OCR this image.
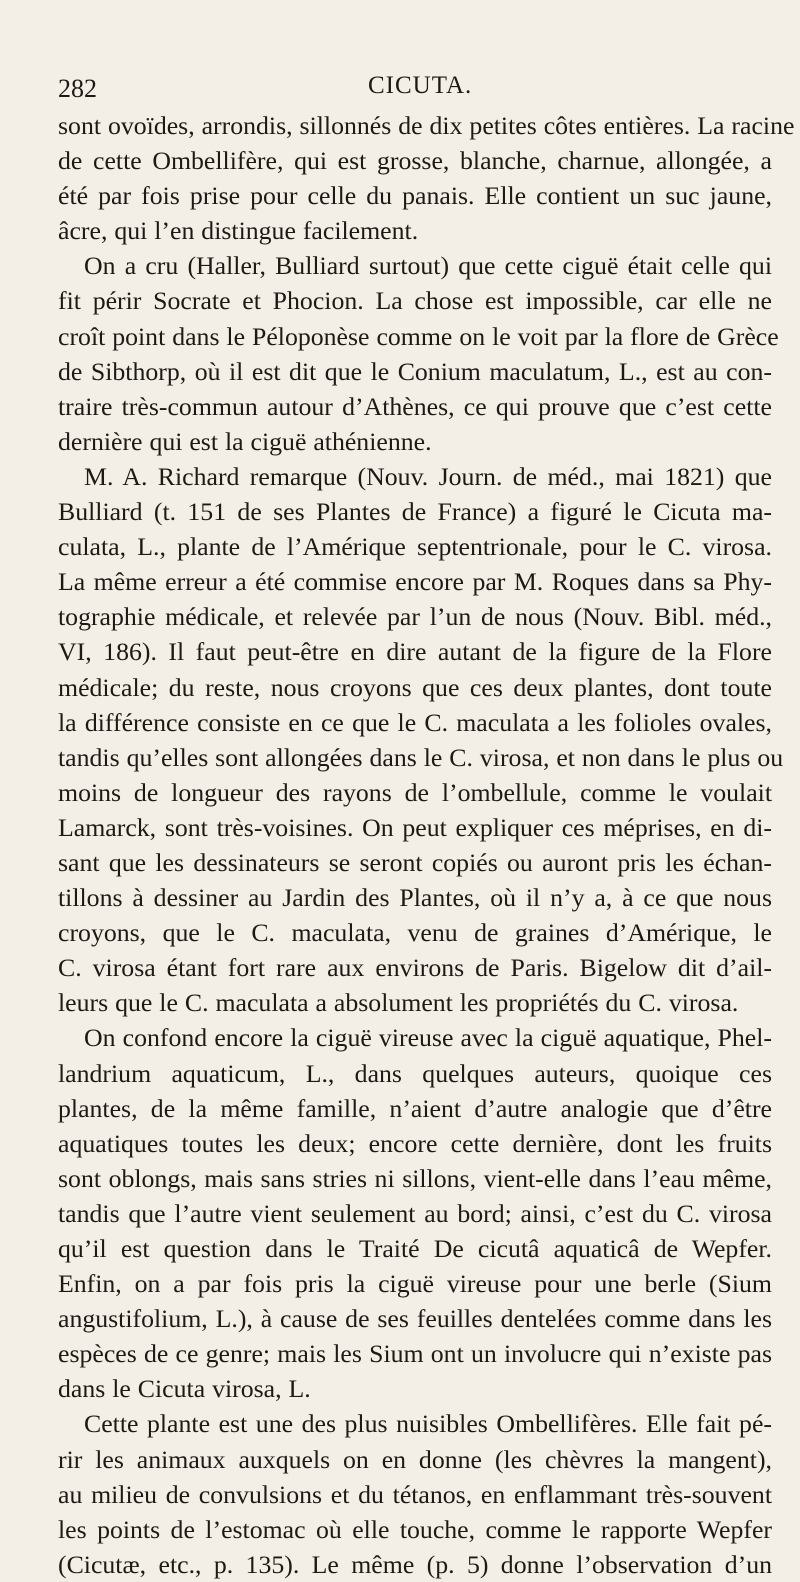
282	CICUTA.

sont ovoïdes, arrondis, sillonnés de dix petites côtes entières. La racine
de cette Ombellifère, qui est grosse, blanche, charnue, allongée, a
été par fois prise pour celle du panais. Elle contient un suc jaune,
âcre, qui l’en distingue facilement.

On a cru (Haller, Bulliard surtout) que cette ciguë était celle qui
fit périr Socrate et Phocion. La chose est impossible, car elle ne
croît point dans le Péloponèse comme on le voit par la flore de Grèce
de Sibthorp, où il est dit que le Conium maculatum, L., est au con-
traire très-commun autour d’Athènes, ce qui prouve que c’est cette
dernière qui est la ciguë athénienne.

M. A. Richard remarque (Nouv. Journ. de méd., mai 1821) que
Bulliard (t. 151 de ses Plantes de France) a figuré le Cicuta ma-
culata, L., plante de l’Amérique septentrionale, pour le C. virosa.
La même erreur a été commise encore par M. Roques dans sa Phy-
tographie médicale, et relevée par l’un de nous (Nouv. Bibl. méd.,
VI, 186). Il faut peut-être en dire autant de la figure de la Flore
médicale; du reste, nous croyons que ces deux plantes, dont toute
la différence consiste en ce que le C. maculata a les folioles ovales,
tandis qu’elles sont allongées dans le C. virosa, et non dans le plus ou
moins de longueur des rayons de l’ombellule, comme le voulait
Lamarck, sont très-voisines. On peut expliquer ces méprises, en di-
sant que les dessinateurs se seront copiés ou auront pris les échan-
tillons à dessiner au Jardin des Plantes, où il n’y a, à ce que nous
croyons, que le C. maculata, venu de graines d’Amérique, le
C. virosa étant fort rare aux environs de Paris. Bigelow dit d’ail-
leurs que le C. maculata a absolument les propriétés du C. virosa.

On confond encore la ciguë vireuse avec la ciguë aquatique, Phel-
landrium aquaticum, L., dans quelques auteurs, quoique ces
plantes, de la même famille, n’aient d’autre analogie que d’être
aquatiques toutes les deux; encore cette dernière, dont les fruits
sont oblongs, mais sans stries ni sillons, vient-elle dans l’eau même,
tandis que l’autre vient seulement au bord; ainsi, c’est du C. virosa
qu’il est question dans le Traité De cicutâ aquaticâ de Wepfer.
Enfin, on a par fois pris la ciguë vireuse pour une berle (Sium
angustifolium, L.), à cause de ses feuilles dentelées comme dans les
espèces de ce genre; mais les Sium ont un involucre qui n’existe pas
dans le Cicuta virosa, L.

Cette plante est une des plus nuisibles Ombellifères. Elle fait pé-
rir les animaux auxquels on en donne (les chèvres la mangent),
au milieu de convulsions et du tétanos, en enflammant très-souvent
les points de l’estomac où elle touche, comme le rapporte Wepfer
(Cicutæ, etc., p. 135). Le même (p. 5) donne l’observation d’un
